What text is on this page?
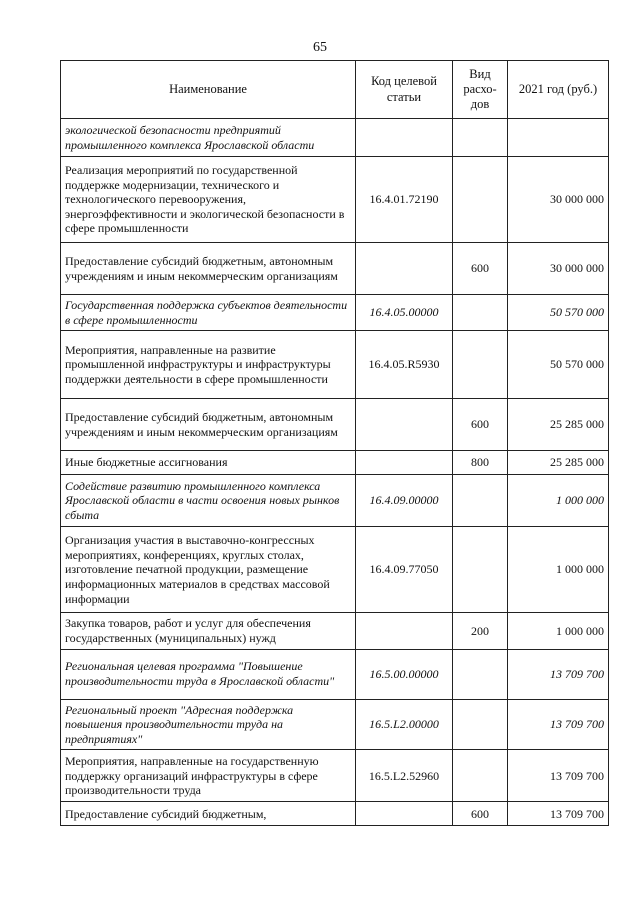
65
Наименование	Код целевой статьи	Вид расхо-дов	2021 год (руб.)
экологической безопасности предприятий промышленного комплекса Ярославской области			
Реализация мероприятий по государственной поддержке модернизации, технического и технологического перевооружения, энергоэффективности и экологической безопасности в сфере промышленности	16.4.01.72190		30 000 000
Предоставление субсидий бюджетным, автономным учреждениям и иным некоммерческим организациям		600	30 000 000
Государственная поддержка субъектов деятельности в сфере промышленности	16.4.05.00000		50 570 000
Мероприятия, направленные на развитие промышленной инфраструктуры и инфраструктуры поддержки деятельности в сфере промышленности	16.4.05.R5930		50 570 000
Предоставление субсидий бюджетным, автономным учреждениям и иным некоммерческим организациям		600	25 285 000
Иные бюджетные ассигнования		800	25 285 000
Содействие развитию промышленного комплекса Ярославской области в части освоения новых рынков сбыта	16.4.09.00000		1 000 000
Организация участия в выставочно-конгрессных мероприятиях, конференциях, круглых столах, изготовление печатной продукции, размещение информационных материалов в средствах массовой информации	16.4.09.77050		1 000 000
Закупка товаров, работ и услуг для обеспечения государственных (муниципальных) нужд		200	1 000 000
Региональная целевая программа "Повышение производительности труда в Ярославской области"	16.5.00.00000		13 709 700
Региональный проект "Адресная поддержка повышения производительности труда на предприятиях"	16.5.L2.00000		13 709 700
Мероприятия, направленные на государственную поддержку организаций инфраструктуры в сфере производительности труда	16.5.L2.52960		13 709 700
Предоставление субсидий бюджетным,		600	13 709 700
